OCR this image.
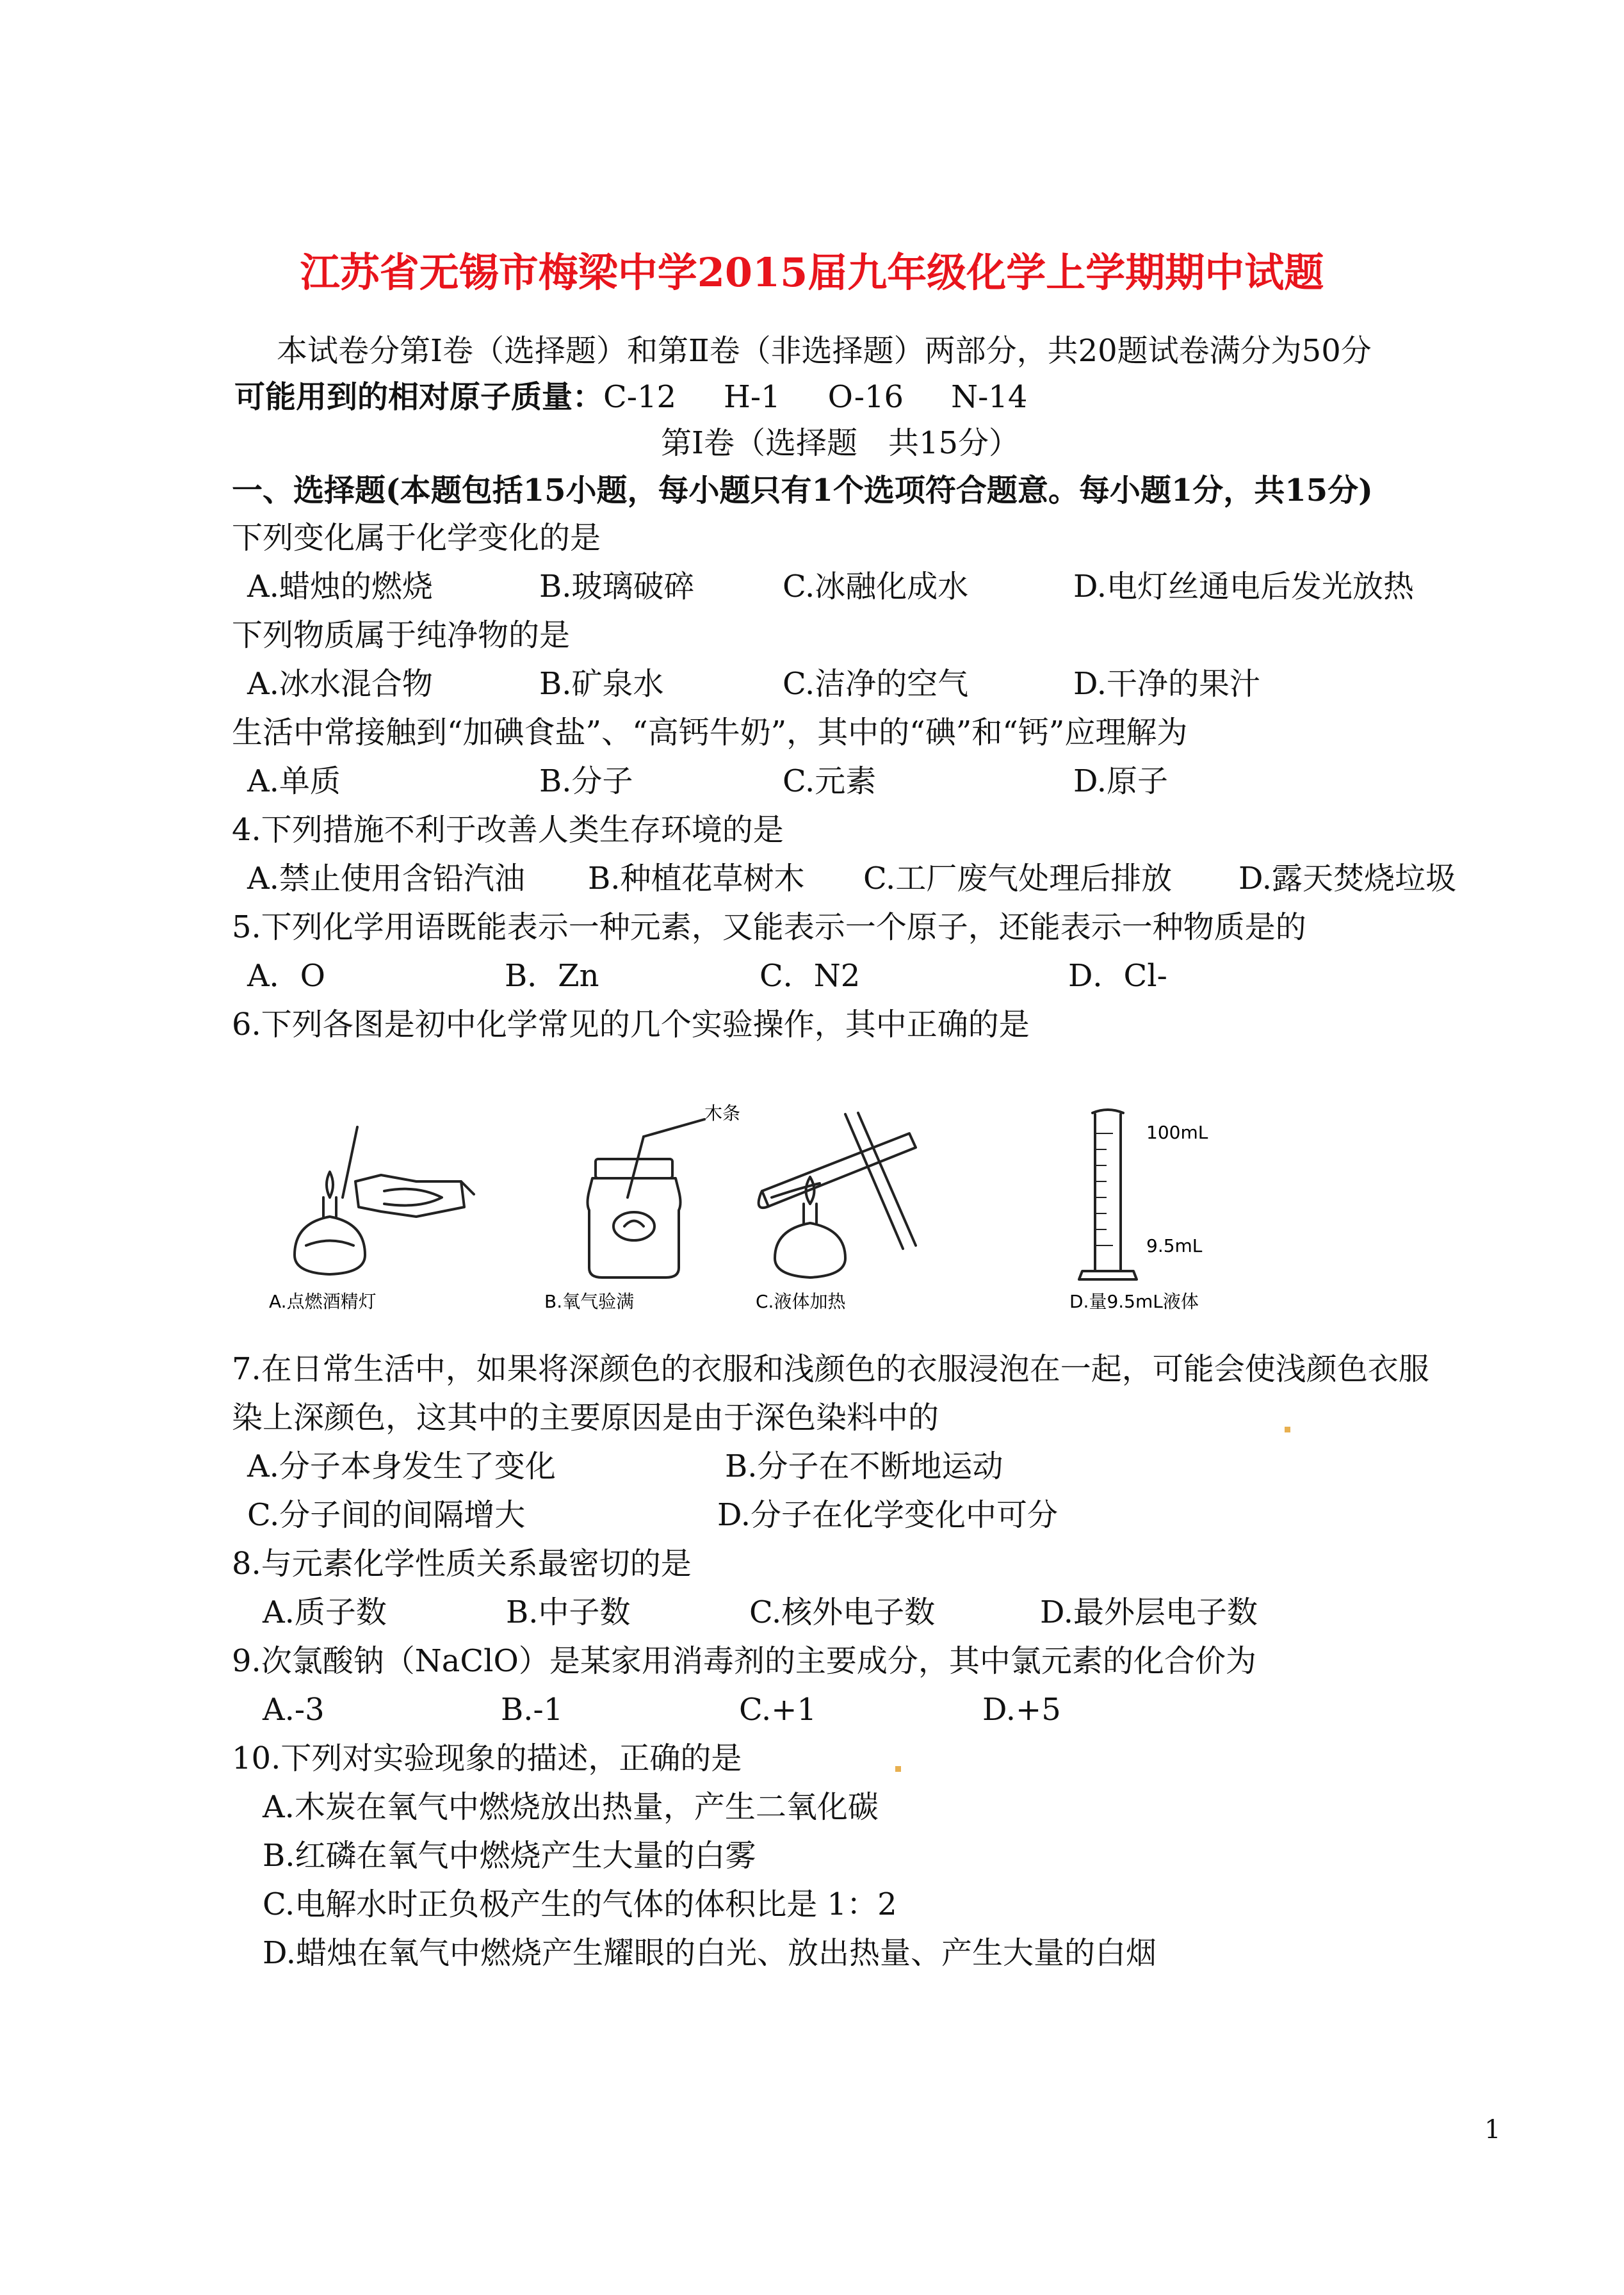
江苏省无锡市梅梁中学2015届九年级化学上学期期中试题
本试卷分第Ⅰ卷（选择题）和第Ⅱ卷（非选择题）两部分，共20题试卷满分为50分
可能用到的相对原子质量：C-12 H-1 O-16 N-14
第Ⅰ卷（选择题　共15分）
一、选择题(本题包括15小题，每小题只有1个选项符合题意。每小题1分，共15分)
下列变化属于化学变化的是
A.蜡烛的燃烧	B.玻璃破碎	C.冰融化成水	D.电灯丝通电后发光放热
下列物质属于纯净物的是
A.冰水混合物	B.矿泉水	C.洁净的空气	D.干净的果汁
生活中常接触到“加碘食盐”、“高钙牛奶”，其中的“碘”和“钙”应理解为
A.单质	B.分子	C.元素	D.原子
4.下列措施不利于改善人类生存环境的是
A.禁止使用含铅汽油 B.种植花草树木 C.工厂废气处理后排放 D.露天焚烧垃圾
5.下列化学用语既能表示一种元素，又能表示一个原子，还能表示一种物质是的
A．O	B．Zn	C．N2	D．Cl-
6.下列各图是初中化学常见的几个实验操作，其中正确的是
木条
100mL
9.5mL
A.点燃酒精灯	B.氧气验满	C.液体加热	D.量9.5mL液体
7.在日常生活中，如果将深颜色的衣服和浅颜色的衣服浸泡在一起，可能会使浅颜色衣服
染上深颜色，这其中的主要原因是由于深色染料中的
A.分子本身发生了变化	B.分子在不断地运动
C.分子间的间隔增大	D.分子在化学变化中可分
8.与元素化学性质关系最密切的是
A.质子数	B.中子数	C.核外电子数	D.最外层电子数
9.次氯酸钠（NaClO）是某家用消毒剂的主要成分，其中氯元素的化合价为
A.-3	B.-1	C.+1	D.+5
10.下列对实验现象的描述，正确的是
A.木炭在氧气中燃烧放出热量，产生二氧化碳
B.红磷在氧气中燃烧产生大量的白雾
C.电解水时正负极产生的气体的体积比是 1：2
D.蜡烛在氧气中燃烧产生耀眼的白光、放出热量、产生大量的白烟
1
